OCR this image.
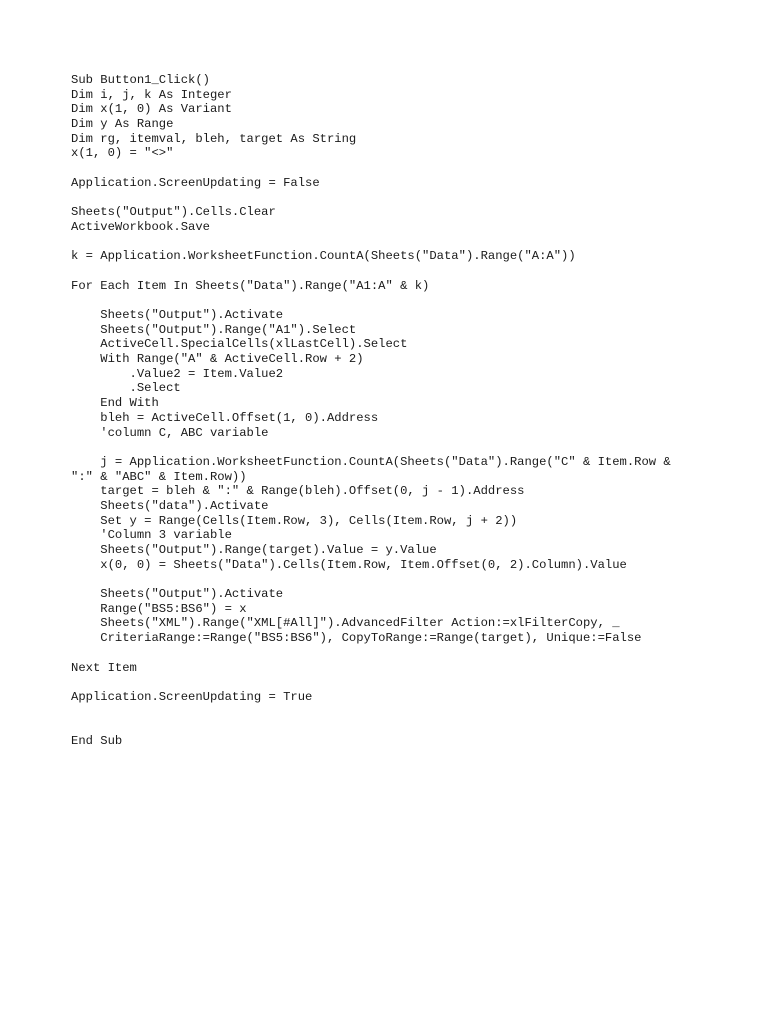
Sub Button1_Click()
Dim i, j, k As Integer
Dim x(1, 0) As Variant
Dim y As Range
Dim rg, itemval, bleh, target As String
x(1, 0) = "<>"
Application.ScreenUpdating = False
Sheets("Output").Cells.Clear
ActiveWorkbook.Save
k = Application.WorksheetFunction.CountA(Sheets("Data").Range("A:A"))
For Each Item In Sheets("Data").Range("A1:A" & k)
Sheets("Output").Activate
Sheets("Output").Range("A1").Select
ActiveCell.SpecialCells(xlLastCell).Select
With Range("A" & ActiveCell.Row + 2)
.Value2 = Item.Value2
.Select
End With
bleh = ActiveCell.Offset(1, 0).Address
'column C, ABC variable
j = Application.WorksheetFunction.CountA(Sheets("Data").Range("C" & Item.Row &
":" & "ABC" & Item.Row))
target = bleh & ":" & Range(bleh).Offset(0, j - 1).Address
Sheets("data").Activate
Set y = Range(Cells(Item.Row, 3), Cells(Item.Row, j + 2))
'Column 3 variable
Sheets("Output").Range(target).Value = y.Value
x(0, 0) = Sheets("Data").Cells(Item.Row, Item.Offset(0, 2).Column).Value
Sheets("Output").Activate
Range("BS5:BS6") = x
Sheets("XML").Range("XML[#All]").AdvancedFilter Action:=xlFilterCopy, _
CriteriaRange:=Range("BS5:BS6"), CopyToRange:=Range(target), Unique:=False
Next Item
Application.ScreenUpdating = True
End Sub
